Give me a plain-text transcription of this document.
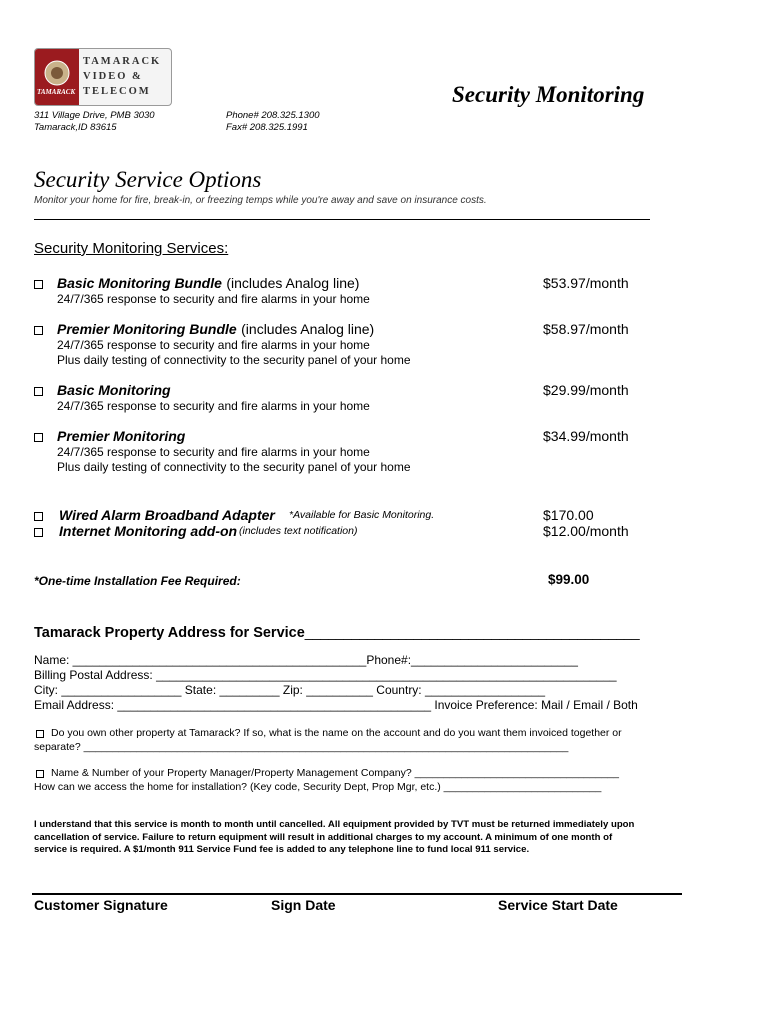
TAMARACK
TAMARACK
VIDEO &
TELECOM	Security Monitoring
311 Village Drive, PMB 3030
Tamarack,ID 83615
Phone# 208.325.1300
Fax# 208.325.1991
Security Service Options
Monitor your home for fire, break-in, or freezing temps while you're away and save on insurance costs.
Security Monitoring Services:
Basic Monitoring Bundle (includes Analog line)	$53.97/month
24/7/365 response to security and fire alarms in your home
Premier Monitoring Bundle (includes Analog line)	$58.97/month
24/7/365 response to security and fire alarms in your home
Plus daily testing of connectivity to the security panel of your home
Basic Monitoring	$29.99/month
24/7/365 response to security and fire alarms in your home
Premier Monitoring	$34.99/month
24/7/365 response to security and fire alarms in your home
Plus daily testing of connectivity to the security panel of your home
Wired Alarm Broadband Adapter *Available for Basic Monitoring.	$170.00
Internet Monitoring add-on (includes text notification)	$12.00/month
*One-time Installation Fee Required:	$99.00
Tamarack Property Address for Service___________________________________________
Name: ____________________________________________Phone#:_________________________
Billing Postal Address: _____________________________________________________________________
City: __________________ State: _________ Zip: __________ Country: __________________
Email Address: _______________________________________________ Invoice Preference: Mail / Email / Both
Do you own other property at Tamarack? If so, what is the name on the account and do you want them invoiced together or
separate? ___________________________________________________________________________________
Name & Number of your Property Manager/Property Management Company? ___________________________________
How can we access the home for installation? (Key code, Security Dept, Prop Mgr, etc.) ___________________________
I understand that this service is month to month until cancelled. All equipment provided by TVT must be returned immediately upon
cancellation of service. Failure to return equipment will result in additional charges to my account. A minimum of one month of
service is required. A $1/month 911 Service Fund fee is added to any telephone line to fund local 911 service.
Customer Signature	Sign Date	Service Start Date
